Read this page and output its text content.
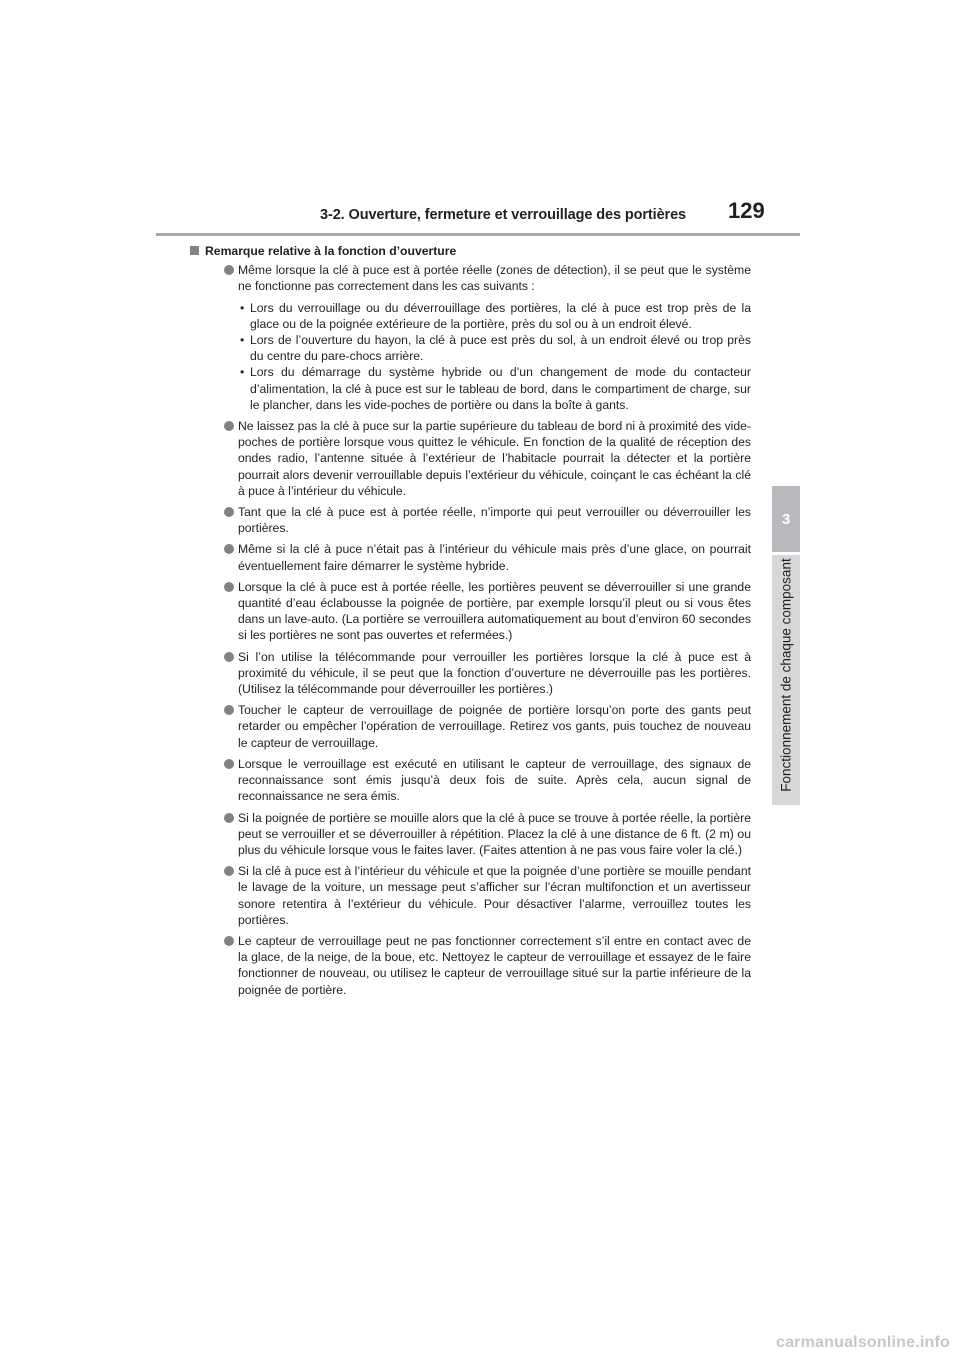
3-2. Ouverture, fermeture et verrouillage des portières 129
3
Fonctionnement de chaque composant
Remarque relative à la fonction d’ouverture
Même lorsque la clé à puce est à portée réelle (zones de détection), il se peut que le système ne fonctionne pas correctement dans les cas suivants :
• Lors du verrouillage ou du déverrouillage des portières, la clé à puce est trop près de la glace ou de la poignée extérieure de la portière, près du sol ou à un endroit élevé.
• Lors de l’ouverture du hayon, la clé à puce est près du sol, à un endroit élevé ou trop près du centre du pare-chocs arrière.
• Lors du démarrage du système hybride ou d’un changement de mode du contacteur d’alimentation, la clé à puce est sur le tableau de bord, dans le compartiment de charge, sur le plancher, dans les vide-poches de portière ou dans la boîte à gants.
Ne laissez pas la clé à puce sur la partie supérieure du tableau de bord ni à proximité des vide-poches de portière lorsque vous quittez le véhicule. En fonction de la qualité de réception des ondes radio, l’antenne située à l’extérieur de l’habitacle pourrait la détecter et la portière pourrait alors devenir verrouillable depuis l’extérieur du véhicule, coinçant le cas échéant la clé à puce à l’intérieur du véhicule.
Tant que la clé à puce est à portée réelle, n’importe qui peut verrouiller ou déverrouiller les portières.
Même si la clé à puce n’était pas à l’intérieur du véhicule mais près d’une glace, on pourrait éventuellement faire démarrer le système hybride.
Lorsque la clé à puce est à portée réelle, les portières peuvent se déverrouiller si une grande quantité d’eau éclabousse la poignée de portière, par exemple lorsqu’il pleut ou si vous êtes dans un lave-auto. (La portière se verrouillera automatiquement au bout d’environ 60 secondes si les portières ne sont pas ouvertes et refermées.)
Si l’on utilise la télécommande pour verrouiller les portières lorsque la clé à puce est à proximité du véhicule, il se peut que la fonction d’ouverture ne déverrouille pas les portières. (Utilisez la télécommande pour déverrouiller les portières.)
Toucher le capteur de verrouillage de poignée de portière lorsqu’on porte des gants peut retarder ou empêcher l’opération de verrouillage. Retirez vos gants, puis touchez de nouveau le capteur de verrouillage.
Lorsque le verrouillage est exécuté en utilisant le capteur de verrouillage, des signaux de reconnaissance sont émis jusqu’à deux fois de suite. Après cela, aucun signal de reconnaissance ne sera émis.
Si la poignée de portière se mouille alors que la clé à puce se trouve à portée réelle, la portière peut se verrouiller et se déverrouiller à répétition. Placez la clé à une distance de 6 ft. (2 m) ou plus du véhicule lorsque vous le faites laver. (Faites attention à ne pas vous faire voler la clé.)
Si la clé à puce est à l’intérieur du véhicule et que la poignée d’une portière se mouille pendant le lavage de la voiture, un message peut s’afficher sur l’écran multifonction et un avertisseur sonore retentira à l’extérieur du véhicule. Pour désactiver l’alarme, verrouillez toutes les portières.
Le capteur de verrouillage peut ne pas fonctionner correctement s’il entre en contact avec de la glace, de la neige, de la boue, etc. Nettoyez le capteur de verrouillage et essayez de le faire fonctionner de nouveau, ou utilisez le capteur de verrouillage situé sur la partie inférieure de la poignée de portière.
carmanualsonline.info
